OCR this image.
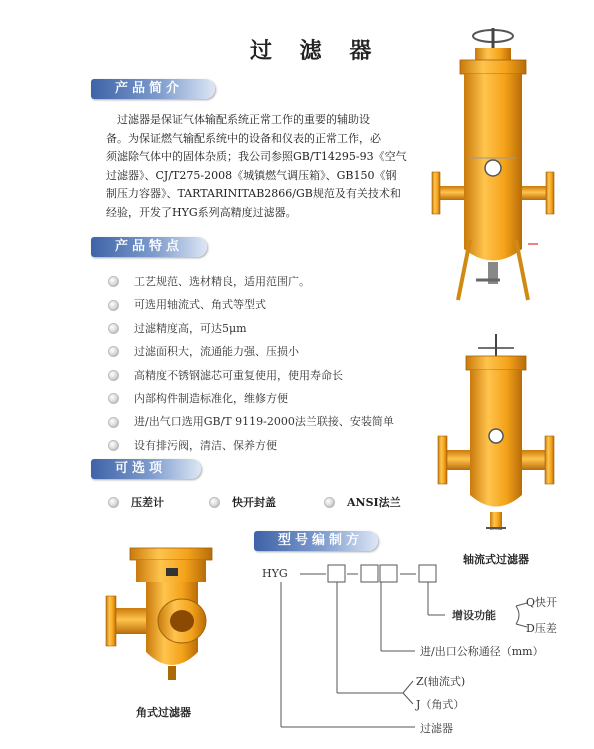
过 滤 器
产品简介
产品特点
可选项
型号编制方法

过滤器是保证气体输配系统正常工作的重要的辅助设

备。为保证燃气输配系统中的设备和仪表的正常工作，必

须滤除气体中的固体杂质；我公司参照GB/T14295-93《空气

过滤器》、CJ/T275-2008《城镇燃气调压箱》、GB150《钢

制压力容器》、TARTARINITAB2866/GB规范及有关技术和

经验，开发了HYG系列高精度过滤器。

工艺规范、选材精良，适用范围广。
可选用轴流式、角式等型式
过滤精度高，可达5μm
过滤面积大，流通能力强、压损小
高精度不锈钢滤芯可重复使用，使用寿命长
内部构件制造标准化，维修方便
进/出气口选用GB/T 9119-2000法兰联接、安装简单
设有排污阀，清洁、保养方便
压差计	快开封盖	ANSI法兰
HYG
Q快开
D压差
增设功能
进/出口公称通径（mm）
Z(轴流式)
J（角式）
过滤器
轴流式过滤器
角式过滤器
